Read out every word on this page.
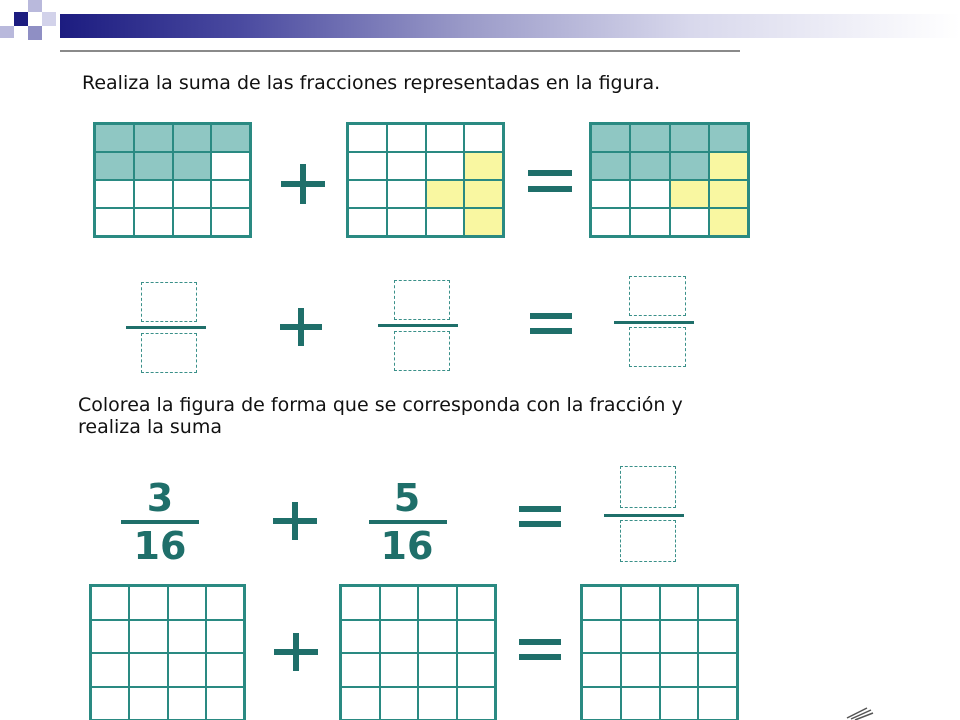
Realiza la suma de las fracciones representadas en la figura.
Colorea la figura de forma que se corresponda con la fracción y
realiza la suma
3
16
5
16
